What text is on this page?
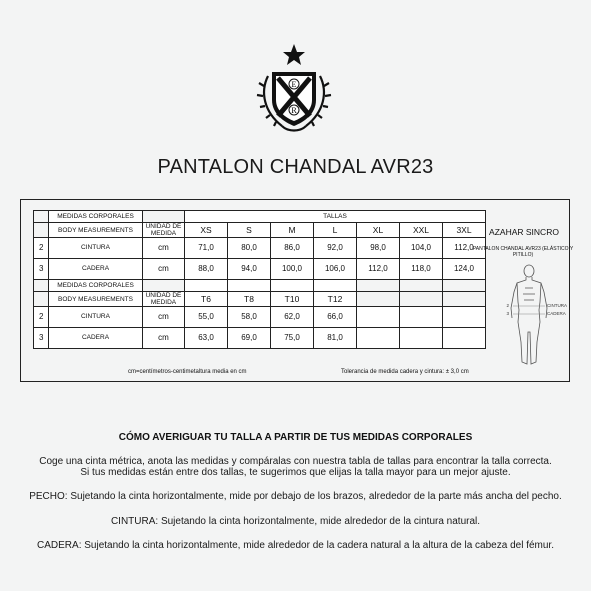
E
R
PANTALON CHANDAL AVR23
	MEDIDAS CORPORALES		TALLAS						
	BODY MEASUREMENTS	UNIDAD DE MEDIDA	XS	S	M	L	XL	XXL	3XL
2	CINTURA	cm	71,0	80,0	86,0	92,0	98,0	104,0	112,0
3	CADERA	cm	88,0	94,0	100,0	106,0	112,0	118,0	124,0
	MEDIDAS CORPORALES								
	BODY MEASUREMENTS	UNIDAD DE MEDIDA	T6	T8	T10	T12			
2	CINTURA	cm	55,0	58,0	62,0	66,0			
3	CADERA	cm	63,0	69,0	75,0	81,0			
AZAHAR SINCRO
PANTALON CHANDAL AVR23 (ELÁSTICO Y PITILLO)
2
3
CINTURA
CADERA
cm=centímetros-centimetaltura media en cm	Tolerancia de medida cadera y cintura: ± 3,0 cm
CÓMO AVERIGUAR TU TALLA A PARTIR DE TUS MEDIDAS CORPORALES
Coge una cinta métrica, anota las medidas y compáralas con nuestra tabla de tallas para encontrar la talla correcta.
Si tus medidas están entre dos tallas, te sugerimos que elijas la talla mayor para un mejor ajuste.
PECHO: Sujetando la cinta horizontalmente, mide por debajo de los brazos, alrededor de la parte más ancha del pecho.
CINTURA: Sujetando la cinta horizontalmente, mide alrededor de la cintura natural.
CADERA: Sujetando la cinta horizontalmente, mide alrededor de la cadera natural a la altura de la cabeza del fémur.
